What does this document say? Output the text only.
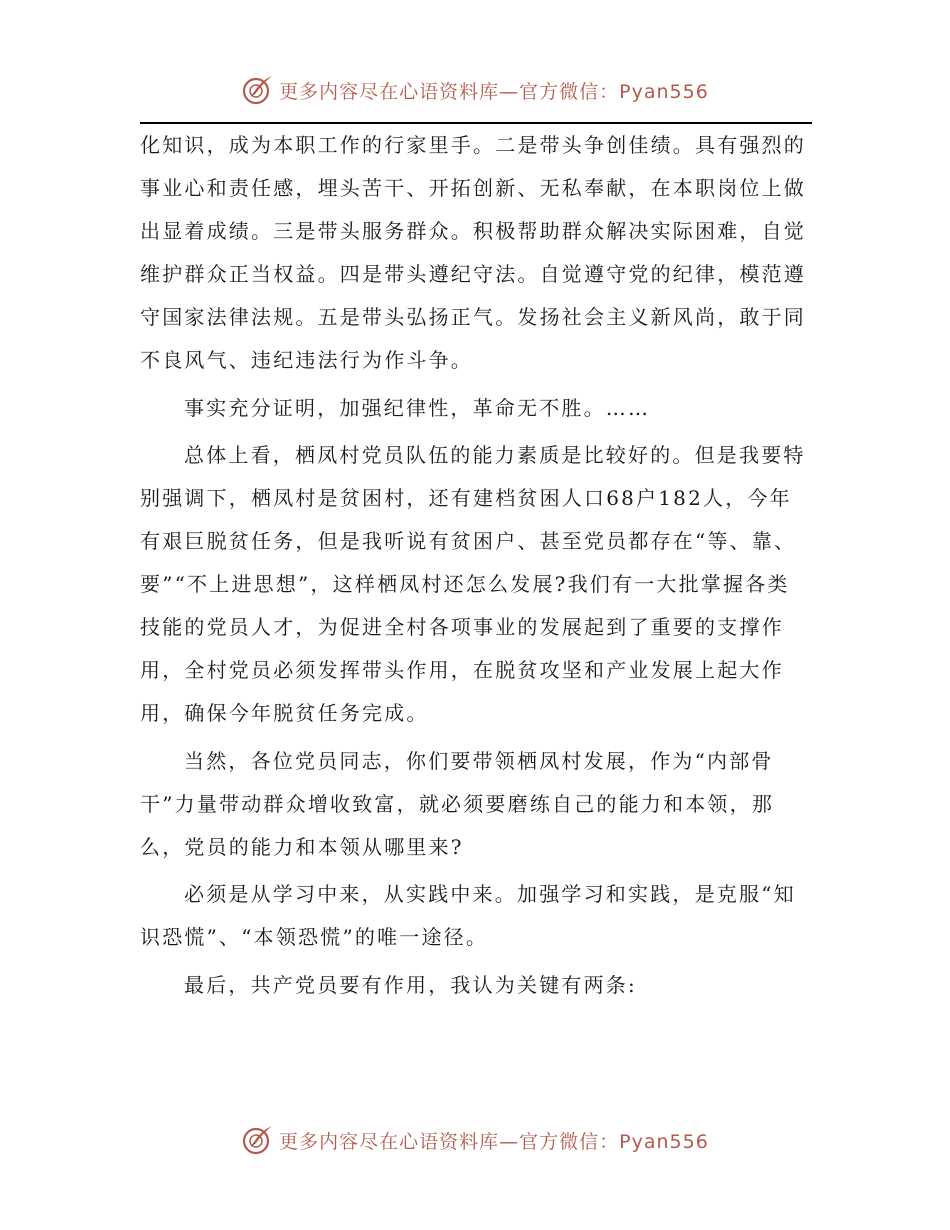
更多内容尽在心语资料库—官方微信：Pyan556

化知识，成为本职工作的行家里手。二是带头争创佳绩。具有强烈的事业心和责任感，埋头苦干、开拓创新、无私奉献，在本职岗位上做出显着成绩。三是带头服务群众。积极帮助群众解决实际困难，自觉维护群众正当权益。四是带头遵纪守法。自觉遵守党的纪律，模范遵守国家法律法规。五是带头弘扬正气。发扬社会主义新风尚，敢于同不良风气、违纪违法行为作斗争。

事实充分证明，加强纪律性，革命无不胜。……

总体上看，栖凤村党员队伍的能力素质是比较好的。但是我要特别强调下，栖凤村是贫困村，还有建档贫困人口68户182人，今年有艰巨脱贫任务，但是我听说有贫困户、甚至党员都存在“等、靠、要”“不上进思想”，这样栖凤村还怎么发展?我们有一大批掌握各类技能的党员人才，为促进全村各项事业的发展起到了重要的支撑作用，全村党员必须发挥带头作用，在脱贫攻坚和产业发展上起大作用，确保今年脱贫任务完成。

当然，各位党员同志，你们要带领栖凤村发展，作为“内部骨干”力量带动群众增收致富，就必须要磨练自己的能力和本领，那么，党员的能力和本领从哪里来?

必须是从学习中来，从实践中来。加强学习和实践，是克服“知识恐慌”、“本领恐慌”的唯一途径。

最后，共产党员要有作用，我认为关键有两条:

更多内容尽在心语资料库—官方微信：Pyan556
